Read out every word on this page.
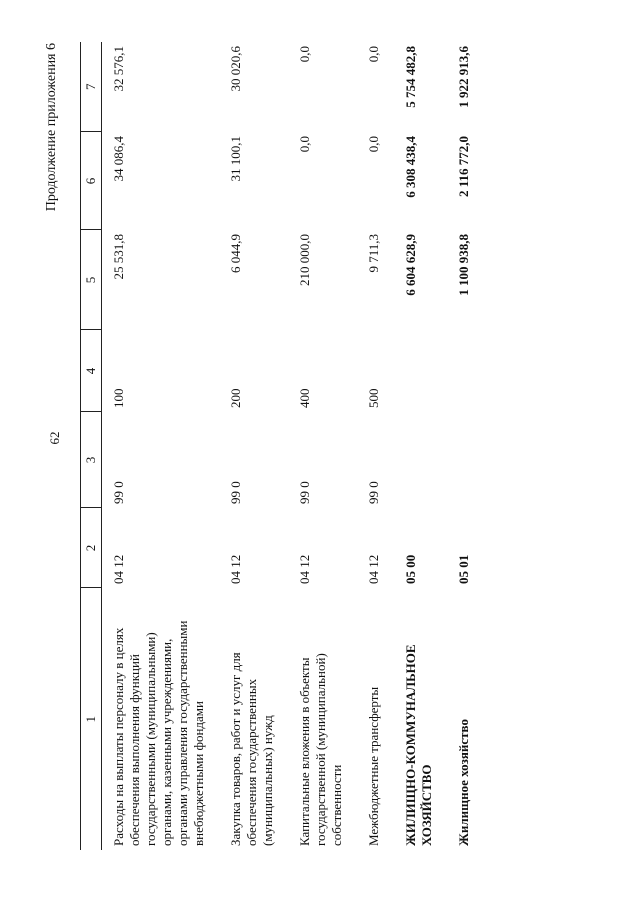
62
Продолжение приложения 6
1	2	3	4	5	6	7
Расходы на выплаты персоналу в целях обеспечения выполнения функций государственными (муниципальными) органами, казенными учреждениями, органами управления государственными внебюджетными фондами	04 12	99 0	100	25 531,8	34 086,4	32 576,1
Закупка товаров, работ и услуг для обеспечения государственных (муниципальных) нужд	04 12	99 0	200	6 044,9	31 100,1	30 020,6
Капитальные вложения в объекты государственной (муниципальной) собственности	04 12	99 0	400	210 000,0	0,0	0,0
Межбюджетные трансферты	04 12	99 0	500	9 711,3	0,0	0,0
ЖИЛИЩНО-КОММУНАЛЬНОЕ ХОЗЯЙСТВО	05 00			6 604 628,9	6 308 438,4	5 754 482,8
Жилищное хозяйство	05 01			1 100 938,8	2 116 772,0	1 922 913,6
